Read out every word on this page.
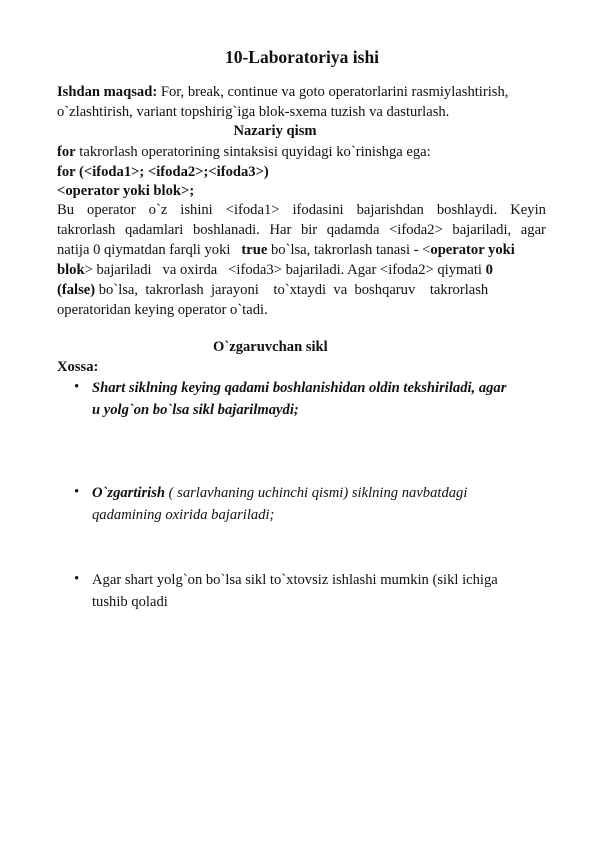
10-Laboratoriya ishi
Ishdan maqsad: For, break, continue va goto operatorlarini rasmiylashtirish,
o`zlashtirish, variant topshirig`iga blok-sxema tuzish va dasturlash.
Nazariy qism
for takrorlash operatorining sintaksisi quyidagi ko`rinishga ega:
for (<ifoda1>; <ifoda2>;<ifoda3>)
<operator yoki blok>;
Bu operator o`z ishini <ifoda1> ifodasini bajarishdan boshlaydi. Keyin
takrorlash qadamlari boshlanadi. Har bir qadamda <ifoda2> bajariladi, agar
natija 0 qiymatdan farqli yoki   true bo`lsa, takrorlash tanasi - <operator yoki
blok> bajariladi   va oxirda   <ifoda3> bajariladi. Agar <ifoda2> qiymati 0
(false) bo`lsa,  takrorlash  jarayoni    to`xtaydi  va  boshqaruv    takrorlash
operatoridan keying operator o`tadi.
O`zgaruvchan sikl
Xossa:
• Shart siklning keying qadami boshlanishidan oldin tekshiriladi, agar
u yolg`on bo`lsa sikl bajarilmaydi;
• O`zgartirish ( sarlavhaning uchinchi qismi) siklning navbatdagi
qadamining oxirida bajariladi;
• Agar shart yolg`on bo`lsa sikl to`xtovsiz ishlashi mumkin (sikl ichiga
tushib qoladi
